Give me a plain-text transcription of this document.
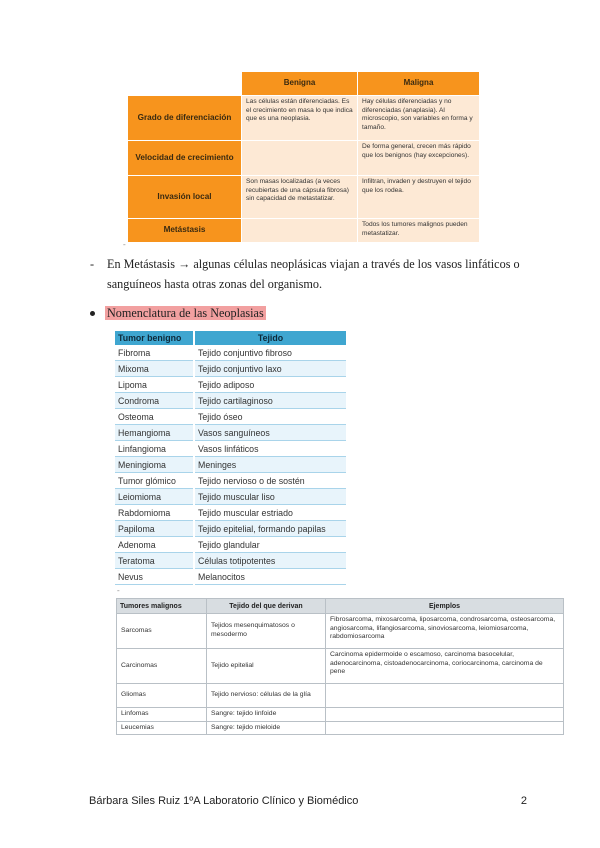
	Benigna	Maligna
Grado de diferenciación	Las células están diferenciadas. Es el crecimiento en masa lo que indica que es una neoplasia.	Hay células diferenciadas y no diferenciadas (anaplasia). Al microscopio, son variables en forma y tamaño.
Velocidad de crecimiento		De forma general, crecen más rápido que los benignos (hay excepciones).
Invasión local	Son masas localizadas (a veces recubiertas de una cápsula fibrosa) sin capacidad de metastatizar.	Infiltran, invaden y destruyen el tejido que los rodea.
Metástasis		Todos los tumores malignos pueden metastatizar.
-
- En Metástasis → algunas células neoplásicas viajan a través de los vasos linfáticos o sanguíneos hasta otras zonas del organismo.
Nomenclatura de las Neoplasias
Tumor benigno	Tejido
Fibroma	Tejido conjuntivo fibroso
Mixoma	Tejido conjuntivo laxo
Lipoma	Tejido adiposo
Condroma	Tejido cartilaginoso
Osteoma	Tejido óseo
Hemangioma	Vasos sanguíneos
Linfangioma	Vasos linfáticos
Meningioma	Meninges
Tumor glómico	Tejido nervioso o de sostén
Leiomioma	Tejido muscular liso
Rabdomioma	Tejido muscular estriado
Papiloma	Tejido epitelial, formando papilas
Adenoma	Tejido glandular
Teratoma	Células totipotentes
Nevus	Melanocitos
-
Tumores malignos	Tejido del que derivan	Ejemplos
Sarcomas	Tejidos mesenquimatosos o mesodermo	Fibrosarcoma, mixosarcoma, liposarcoma, condrosarcoma, osteosarcoma, angiosarcoma, lifangiosarcoma, sinoviosarcoma, leiomiosarcoma, rabdomiosarcoma
Carcinomas	Tejido epitelial	Carcinoma epidermoide o escamoso, carcinoma basocelular, adenocarcinoma, cistoadenocarcinoma, coriocarcinoma, carcinoma de pene
Gliomas	Tejido nervioso: células de la glía	
Linfomas	Sangre: tejido linfoide	
Leucemias	Sangre: tejido mieloide	
Bárbara Siles Ruiz 1ºA Laboratorio Clínico y Biomédico	2
